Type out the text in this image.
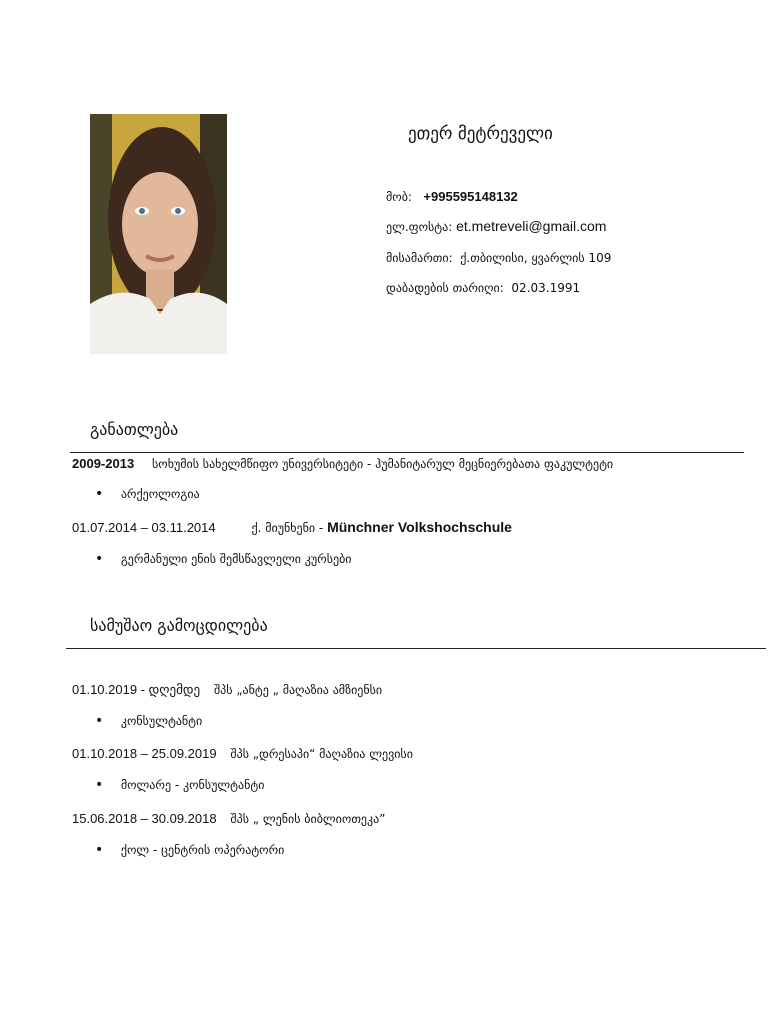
ეთერ მეტრეველი
მობ: +995595148132
ელ.ფოსტა: et.metreveli@gmail.com
მისამართი: ქ.თბილისი, ყვარლის 109
დაბადების თარიღი: 02.03.1991
განათლება
2009-2013 სოხუმის სახელმწიფო უნივერსიტეტი - ჰუმანიტარულ მეცნიერებათა ფაკულტეტი
• არქეოლოგია
01.07.2014 – 03.11.2014	ქ. მიუნხენი - Münchner Volkshochschule
• გერმანული ენის შემსწავლელი კურსები
სამუშაო გამოცდილება
01.10.2019 - დღემდე შპს „ანტე „ მაღაზია ამზიენსი
• კონსულტანტი
01.10.2018 – 25.09.2019 შპს „დრესაპი“ მაღაზია ლევისი
• მოლარე - კონსულტანტი
15.06.2018 – 30.09.2018 შპს „ ლენის ბიბლიოთეკა”
• ქოლ - ცენტრის ოპერატორი
